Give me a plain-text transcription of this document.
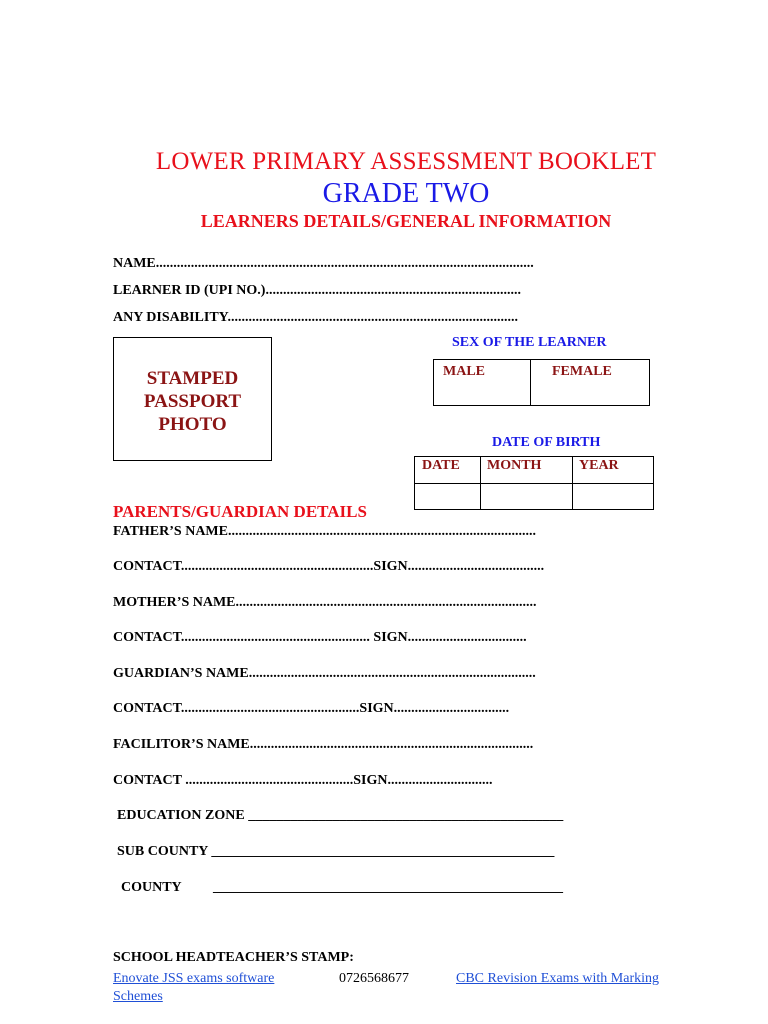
LOWER PRIMARY ASSESSMENT BOOKLET
GRADE TWO
LEARNERS DETAILS/GENERAL INFORMATION
NAME............................................................................................................
LEARNER ID (UPI NO.).........................................................................
ANY DISABILITY...................................................................................
STAMPED
PASSPORT
PHOTO
SEX OF THE LEARNER
MALE	FEMALE
DATE OF BIRTH
DATE MONTH	YEAR
PARENTS/GUARDIAN DETAILS
FATHER’S NAME........................................................................................
CONTACT.......................................................SIGN.......................................
MOTHER’S NAME......................................................................................
CONTACT...................................................... SIGN..................................
GUARDIAN’S NAME..................................................................................
CONTACT...................................................SIGN.................................
FACILITOR’S NAME.................................................................................
CONTACT ................................................SIGN..............................
EDUCATION ZONE _____________________________________________
SUB COUNTY _________________________________________________
COUNTY __________________________________________________
SCHOOL HEADTEACHER’S STAMP:
Enovate JSS exams software
Schemes
0726568677	CBC Revision Exams with Marking
